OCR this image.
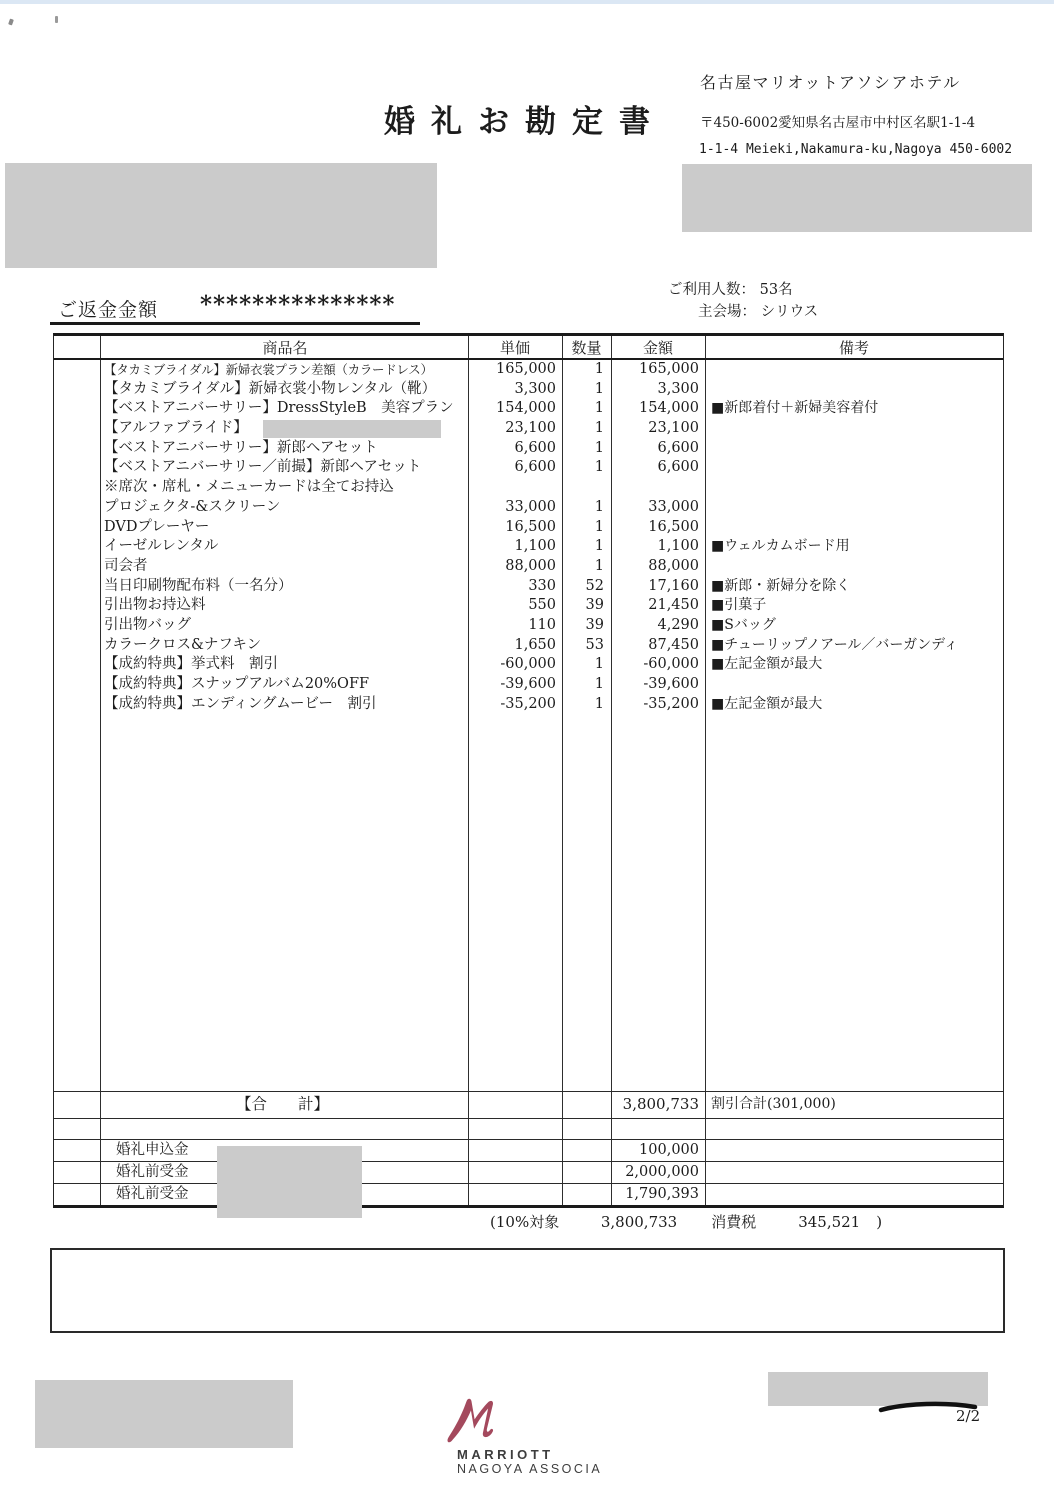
婚礼お勘定書
名古屋マリオットアソシアホテル
〒450-6002愛知県名古屋市中村区名駅1-1-4
1-1-4 Meieki,Nakamura-ku,Nagoya 450-6002
ご利用人数： 53名
主会場： シリウス
ご返金金額 ***************
商品名	単価	数量	金額	備考
【タカミブライダル】新婦衣裳プラン差額（カラードレス）	165,000	1	165,000
【タカミブライダル】新婦衣裳小物レンタル（靴）	3,300	1	3,300
【ベストアニバーサリー】DressStyleB　美容プラン	154,000	1	154,000 ■新郎着付＋新婦美容着付
【アルファブライド】	23,100	1	23,100
【ベストアニバーサリー】新郎ヘアセット	6,600	1	6,600
【ベストアニバーサリー／前撮】新郎ヘアセット	6,600	1	6,600
※席次・席札・メニューカードは全てお持込
プロジェクタ-&スクリーン	33,000	1	33,000
DVDプレーヤー	16,500	1	16,500
イーゼルレンタル	1,100	1	1,100 ■ウェルカムボード用
司会者	88,000	1	88,000
当日印刷物配布料（一名分）	330	52	17,160 ■新郎・新婦分を除く
引出物お持込料	550	39	21,450 ■引菓子
引出物バッグ	110	39	4,290 ■Sバッグ
カラークロス&ナフキン	1,650	53	87,450 ■チューリップノアール／バーガンディ
【成約特典】挙式料　割引	-60,000	1	-60,000 ■左記金額が最大
【成約特典】スナップアルバム20%OFF	-39,600	1	-39,600
【成約特典】エンディングムービー　割引	-35,200	1	-35,200 ■左記金額が最大
【合　　計】	3,800,733 割引合計(301,000)
婚礼申込金	100,000
婚礼前受金	2,000,000
婚礼前受金	1,790,393
(10%対象	3,800,733 消費税	345,521 )
MARRIOTT
NAGOYA ASSOCIA
2/2
